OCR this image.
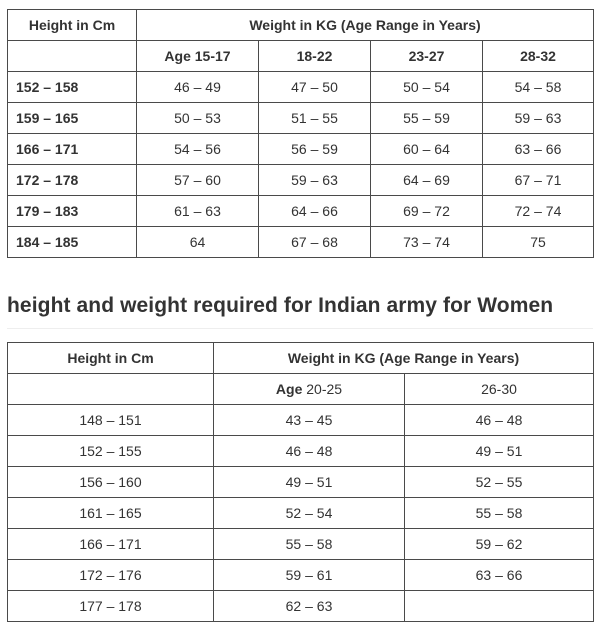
Height in Cm	Weight in KG (Age Range in Years)			
	Age 15-17	18-22	23-27	28-32
152 – 158	46 – 49	47 – 50	50 – 54	54 – 58
159 – 165	50 – 53	51 – 55	55 – 59	59 – 63
166 – 171	54 – 56	56 – 59	60 – 64	63 – 66
172 – 178	57 – 60	59 – 63	64 – 69	67 – 71
179 – 183	61 – 63	64 – 66	69 – 72	72 – 74
184 – 185	64	67 – 68	73 – 74	75
height and weight required for Indian army for Women
Height in Cm	Weight in KG (Age Range in Years)	
	Age 20-25	26-30
148 – 151	43 – 45	46 – 48
152 – 155	46 – 48	49 – 51
156 – 160	49 – 51	52 – 55
161 – 165	52 – 54	55 – 58
166 – 171	55 – 58	59 – 62
172 – 176	59 – 61	63 – 66
177 – 178	62 – 63	
